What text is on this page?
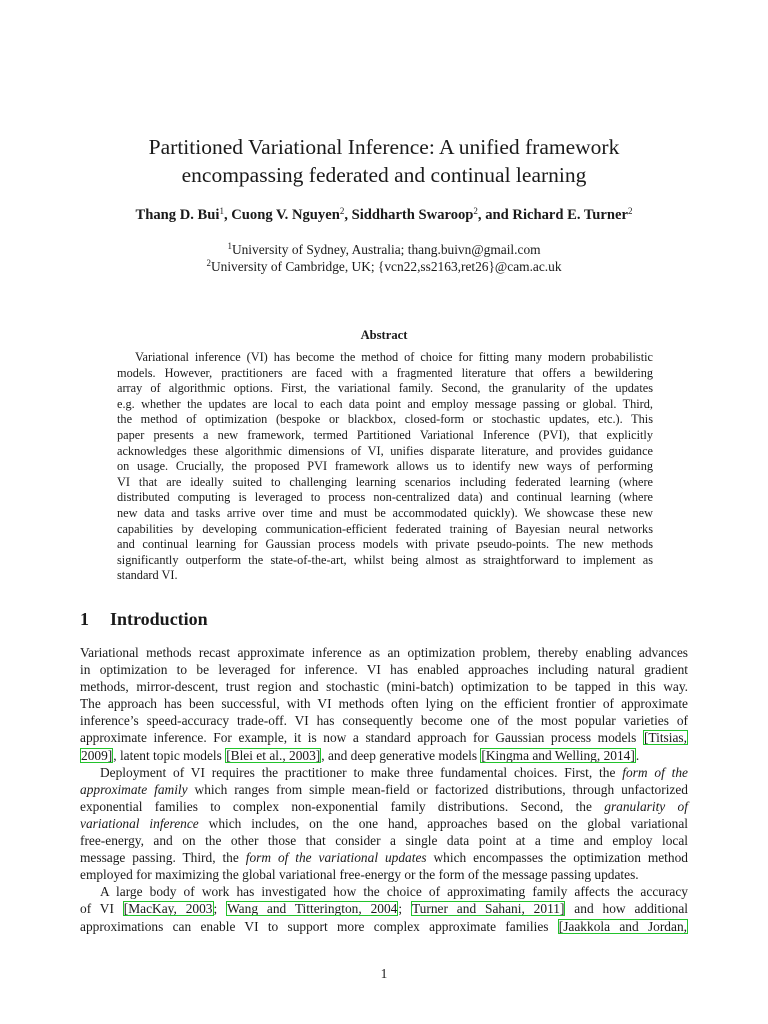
Partitioned Variational Inference: A unified framework
encompassing federated and continual learning
Thang D. Bui$^1$, Cuong V. Nguyen$^2$, Siddharth Swaroop$^2$, and Richard E. Turner$^2$
$^1$University of Sydney, Australia; thang.buivn@gmail.com
$^2$University of Cambridge, UK; {vcn22,ss2163,ret26}@cam.ac.uk
Abstract
Variational inference (VI) has become the method of choice for fitting many modern probabilistic
models. However, practitioners are faced with a fragmented literature that offers a bewildering
array of algorithmic options. First, the variational family. Second, the granularity of the updates
e.g. whether the updates are local to each data point and employ message passing or global. Third,
the method of optimization (bespoke or blackbox, closed-form or stochastic updates, etc.). This
paper presents a new framework, termed Partitioned Variational Inference (PVI), that explicitly
acknowledges these algorithmic dimensions of VI, unifies disparate literature, and provides guidance
on usage. Crucially, the proposed PVI framework allows us to identify new ways of performing
VI that are ideally suited to challenging learning scenarios including federated learning (where
distributed computing is leveraged to process non-centralized data) and continual learning (where
new data and tasks arrive over time and must be accommodated quickly). We showcase these new
capabilities by developing communication-efficient federated training of Bayesian neural networks
and continual learning for Gaussian process models with private pseudo-points. The new methods
significantly outperform the state-of-the-art, whilst being almost as straightforward to implement as
standard VI.
1 Introduction
Variational methods recast approximate inference as an optimization problem, thereby enabling advances
in optimization to be leveraged for inference. VI has enabled approaches including natural gradient
methods, mirror-descent, trust region and stochastic (mini-batch) optimization to be tapped in this way.
The approach has been successful, with VI methods often lying on the efficient frontier of approximate
inference’s speed-accuracy trade-off. VI has consequently become one of the most popular varieties of
approximate inference. For example, it is now a standard approach for Gaussian process models [Titsias,
2009], latent topic models [Blei et al., 2003], and deep generative models [Kingma and Welling, 2014].
Deployment of VI requires the practitioner to make three fundamental choices. First, the form of the
approximate family which ranges from simple mean-field or factorized distributions, through unfactorized
exponential families to complex non-exponential family distributions. Second, the granularity of
variational inference which includes, on the one hand, approaches based on the global variational
free-energy, and on the other those that consider a single data point at a time and employ local
message passing. Third, the form of the variational updates which encompasses the optimization method
employed for maximizing the global variational free-energy or the form of the message passing updates.
A large body of work has investigated how the choice of approximating family affects the accuracy
of VI [MacKay, 2003; Wang and Titterington, 2004; Turner and Sahani, 2011] and how additional
approximations can enable VI to support more complex approximate families [Jaakkola and Jordan,
1
